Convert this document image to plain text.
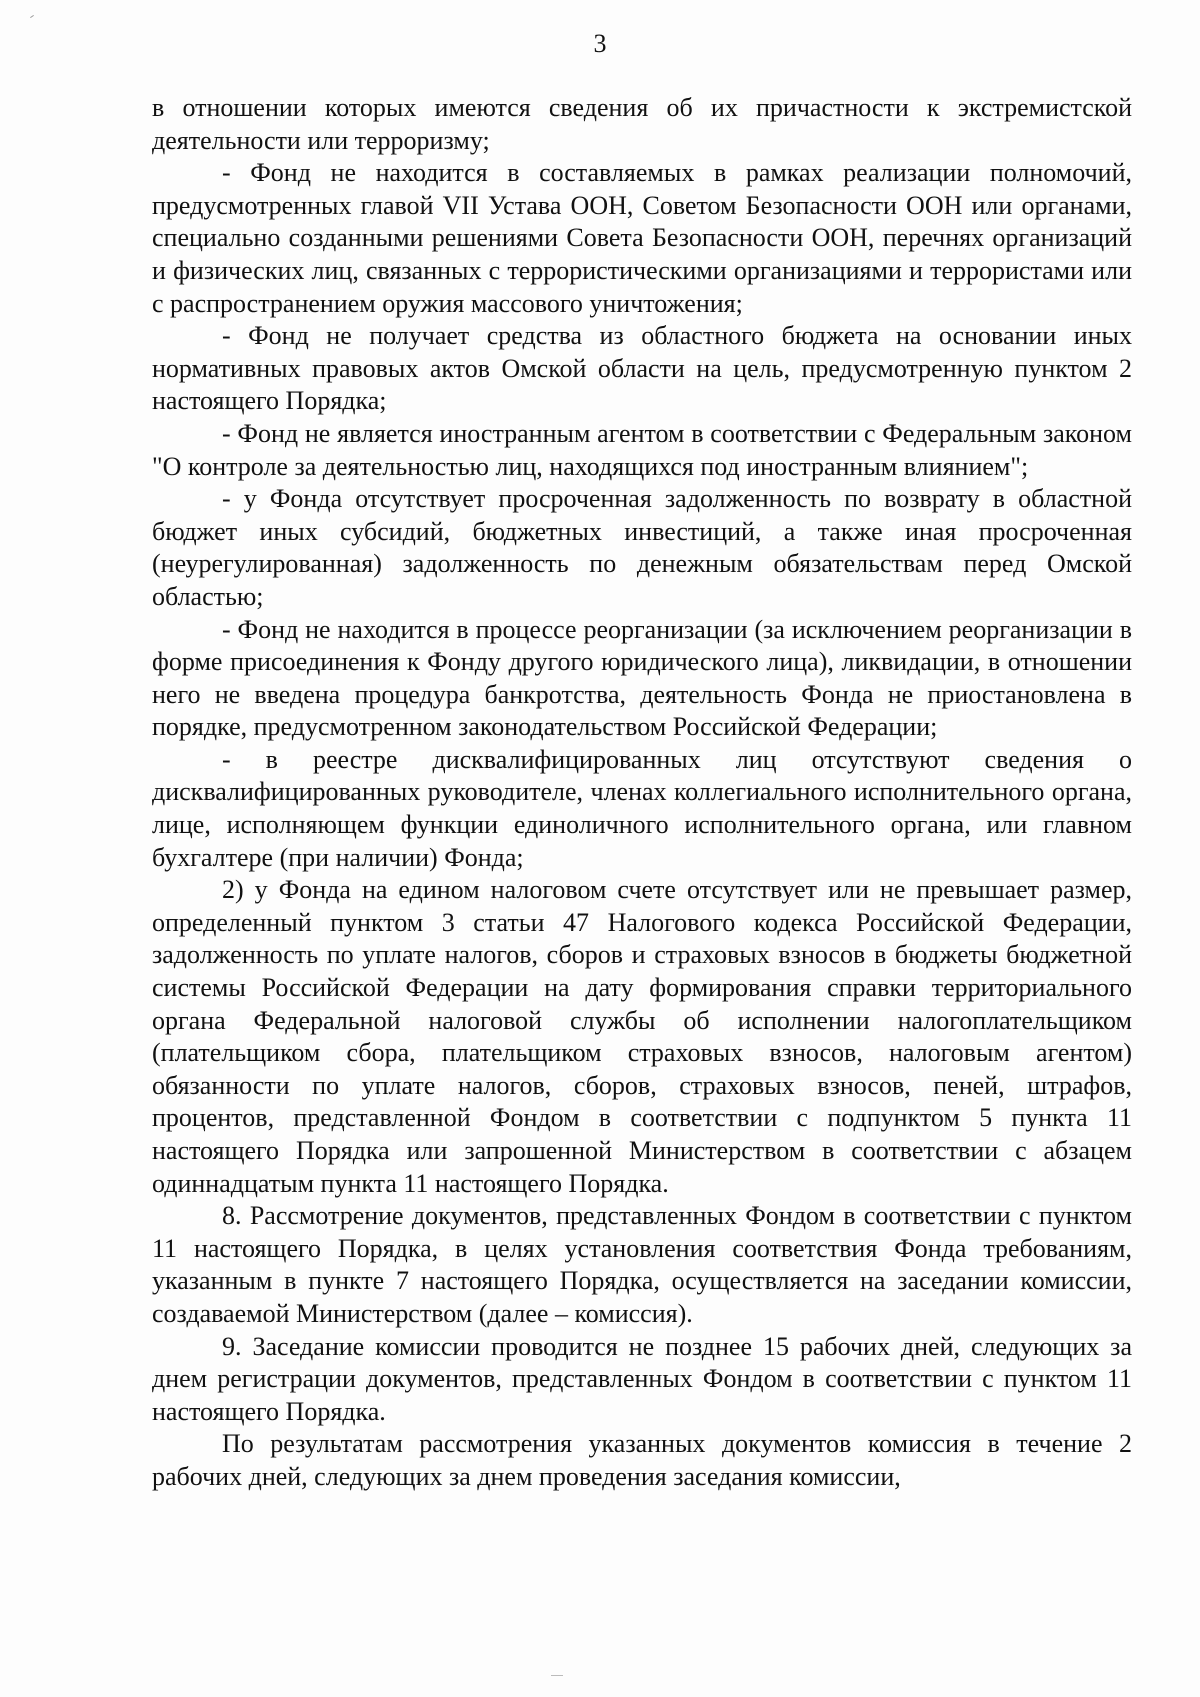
3

в отношении которых имеются сведения об их причастности к экстремистской деятельности или терроризму;

- Фонд не находится в составляемых в рамках реализации полномочий, предусмотренных главой VII Устава ООН, Советом Безопасности ООН или органами, специально созданными решениями Совета Безопасности ООН, перечнях организаций и физических лиц, связанных с террористическими организациями и террористами или с распространением оружия массового уничтожения;

- Фонд не получает средства из областного бюджета на основании иных нормативных правовых актов Омской области на цель, предусмотренную пунктом 2 настоящего Порядка;

- Фонд не является иностранным агентом в соответствии с Федеральным законом "О контроле за деятельностью лиц, находящихся под иностранным влиянием";

- у Фонда отсутствует просроченная задолженность по возврату в областной бюджет иных субсидий, бюджетных инвестиций, а также иная просроченная (неурегулированная) задолженность по денежным обязательствам перед Омской областью;

- Фонд не находится в процессе реорганизации (за исключением реорганизации в форме присоединения к Фонду другого юридического лица), ликвидации, в отношении него не введена процедура банкротства, деятельность Фонда не приостановлена в порядке, предусмотренном законодательством Российской Федерации;

- в реестре дисквалифицированных лиц отсутствуют сведения о дисквалифицированных руководителе, членах коллегиального исполнительного органа, лице, исполняющем функции единоличного исполнительного органа, или главном бухгалтере (при наличии) Фонда;

2) у Фонда на едином налоговом счете отсутствует или не превышает размер, определенный пунктом 3 статьи 47 Налогового кодекса Российской Федерации, задолженность по уплате налогов, сборов и страховых взносов в бюджеты бюджетной системы Российской Федерации на дату формирования справки территориального органа Федеральной налоговой службы об исполнении налогоплательщиком (плательщиком сбора, плательщиком страховых взносов, налоговым агентом) обязанности по уплате налогов, сборов, страховых взносов, пеней, штрафов, процентов, представленной Фондом в соответствии с подпунктом 5 пункта 11 настоящего Порядка или запрошенной Министерством в соответствии с абзацем одиннадцатым пункта 11 настоящего Порядка.

8. Рассмотрение документов, представленных Фондом в соответствии с пунктом 11 настоящего Порядка, в целях установления соответствия Фонда требованиям, указанным в пункте 7 настоящего Порядка, осуществляется на заседании комиссии, создаваемой Министерством (далее – комиссия).

9. Заседание комиссии проводится не позднее 15 рабочих дней, следующих за днем регистрации документов, представленных Фондом в соответствии с пунктом 11 настоящего Порядка.

По результатам рассмотрения указанных документов комиссия в течение 2 рабочих дней, следующих за днем проведения заседания комиссии,
